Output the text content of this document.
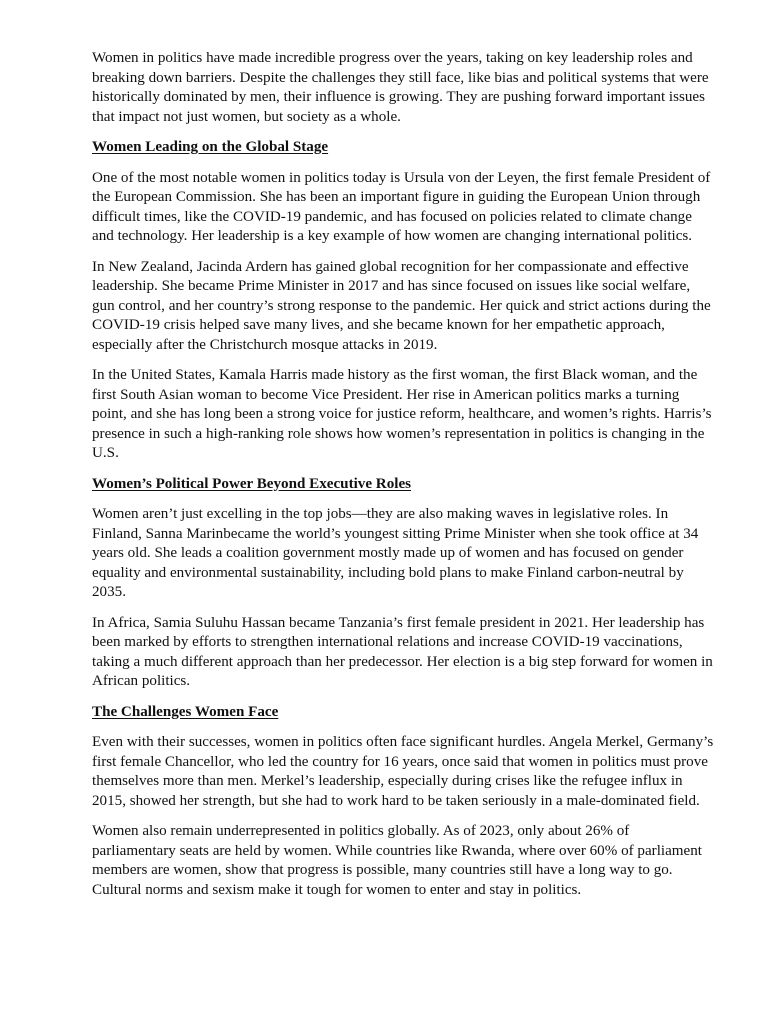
Women in politics have made incredible progress over the years, taking on key leadership roles and breaking down barriers. Despite the challenges they still face, like bias and political systems that were historically dominated by men, their influence is growing. They are pushing forward important issues that impact not just women, but society as a whole.

Women Leading on the Global Stage

One of the most notable women in politics today is Ursula von der Leyen, the first female President of the European Commission. She has been an important figure in guiding the European Union through difficult times, like the COVID-19 pandemic, and has focused on policies related to climate change and technology. Her leadership is a key example of how women are changing international politics.

In New Zealand, Jacinda Ardern has gained global recognition for her compassionate and effective leadership. She became Prime Minister in 2017 and has since focused on issues like social welfare, gun control, and her country’s strong response to the pandemic. Her quick and strict actions during the COVID-19 crisis helped save many lives, and she became known for her empathetic approach, especially after the Christchurch mosque attacks in 2019.

In the United States, Kamala Harris made history as the first woman, the first Black woman, and the first South Asian woman to become Vice President. Her rise in American politics marks a turning point, and she has long been a strong voice for justice reform, healthcare, and women’s rights. Harris’s presence in such a high-ranking role shows how women’s representation in politics is changing in the U.S.

Women’s Political Power Beyond Executive Roles

Women aren’t just excelling in the top jobs—they are also making waves in legislative roles. In Finland, Sanna Marinbecame the world’s youngest sitting Prime Minister when she took office at 34 years old. She leads a coalition government mostly made up of women and has focused on gender equality and environmental sustainability, including bold plans to make Finland carbon-neutral by 2035.

In Africa, Samia Suluhu Hassan became Tanzania’s first female president in 2021. Her leadership has been marked by efforts to strengthen international relations and increase COVID-19 vaccinations, taking a much different approach than her predecessor. Her election is a big step forward for women in African politics.

The Challenges Women Face

Even with their successes, women in politics often face significant hurdles. Angela Merkel, Germany’s first female Chancellor, who led the country for 16 years, once said that women in politics must prove themselves more than men. Merkel’s leadership, especially during crises like the refugee influx in 2015, showed her strength, but she had to work hard to be taken seriously in a male-dominated field.

Women also remain underrepresented in politics globally. As of 2023, only about 26% of parliamentary seats are held by women. While countries like Rwanda, where over 60% of parliament members are women, show that progress is possible, many countries still have a long way to go. Cultural norms and sexism make it tough for women to enter and stay in politics.
